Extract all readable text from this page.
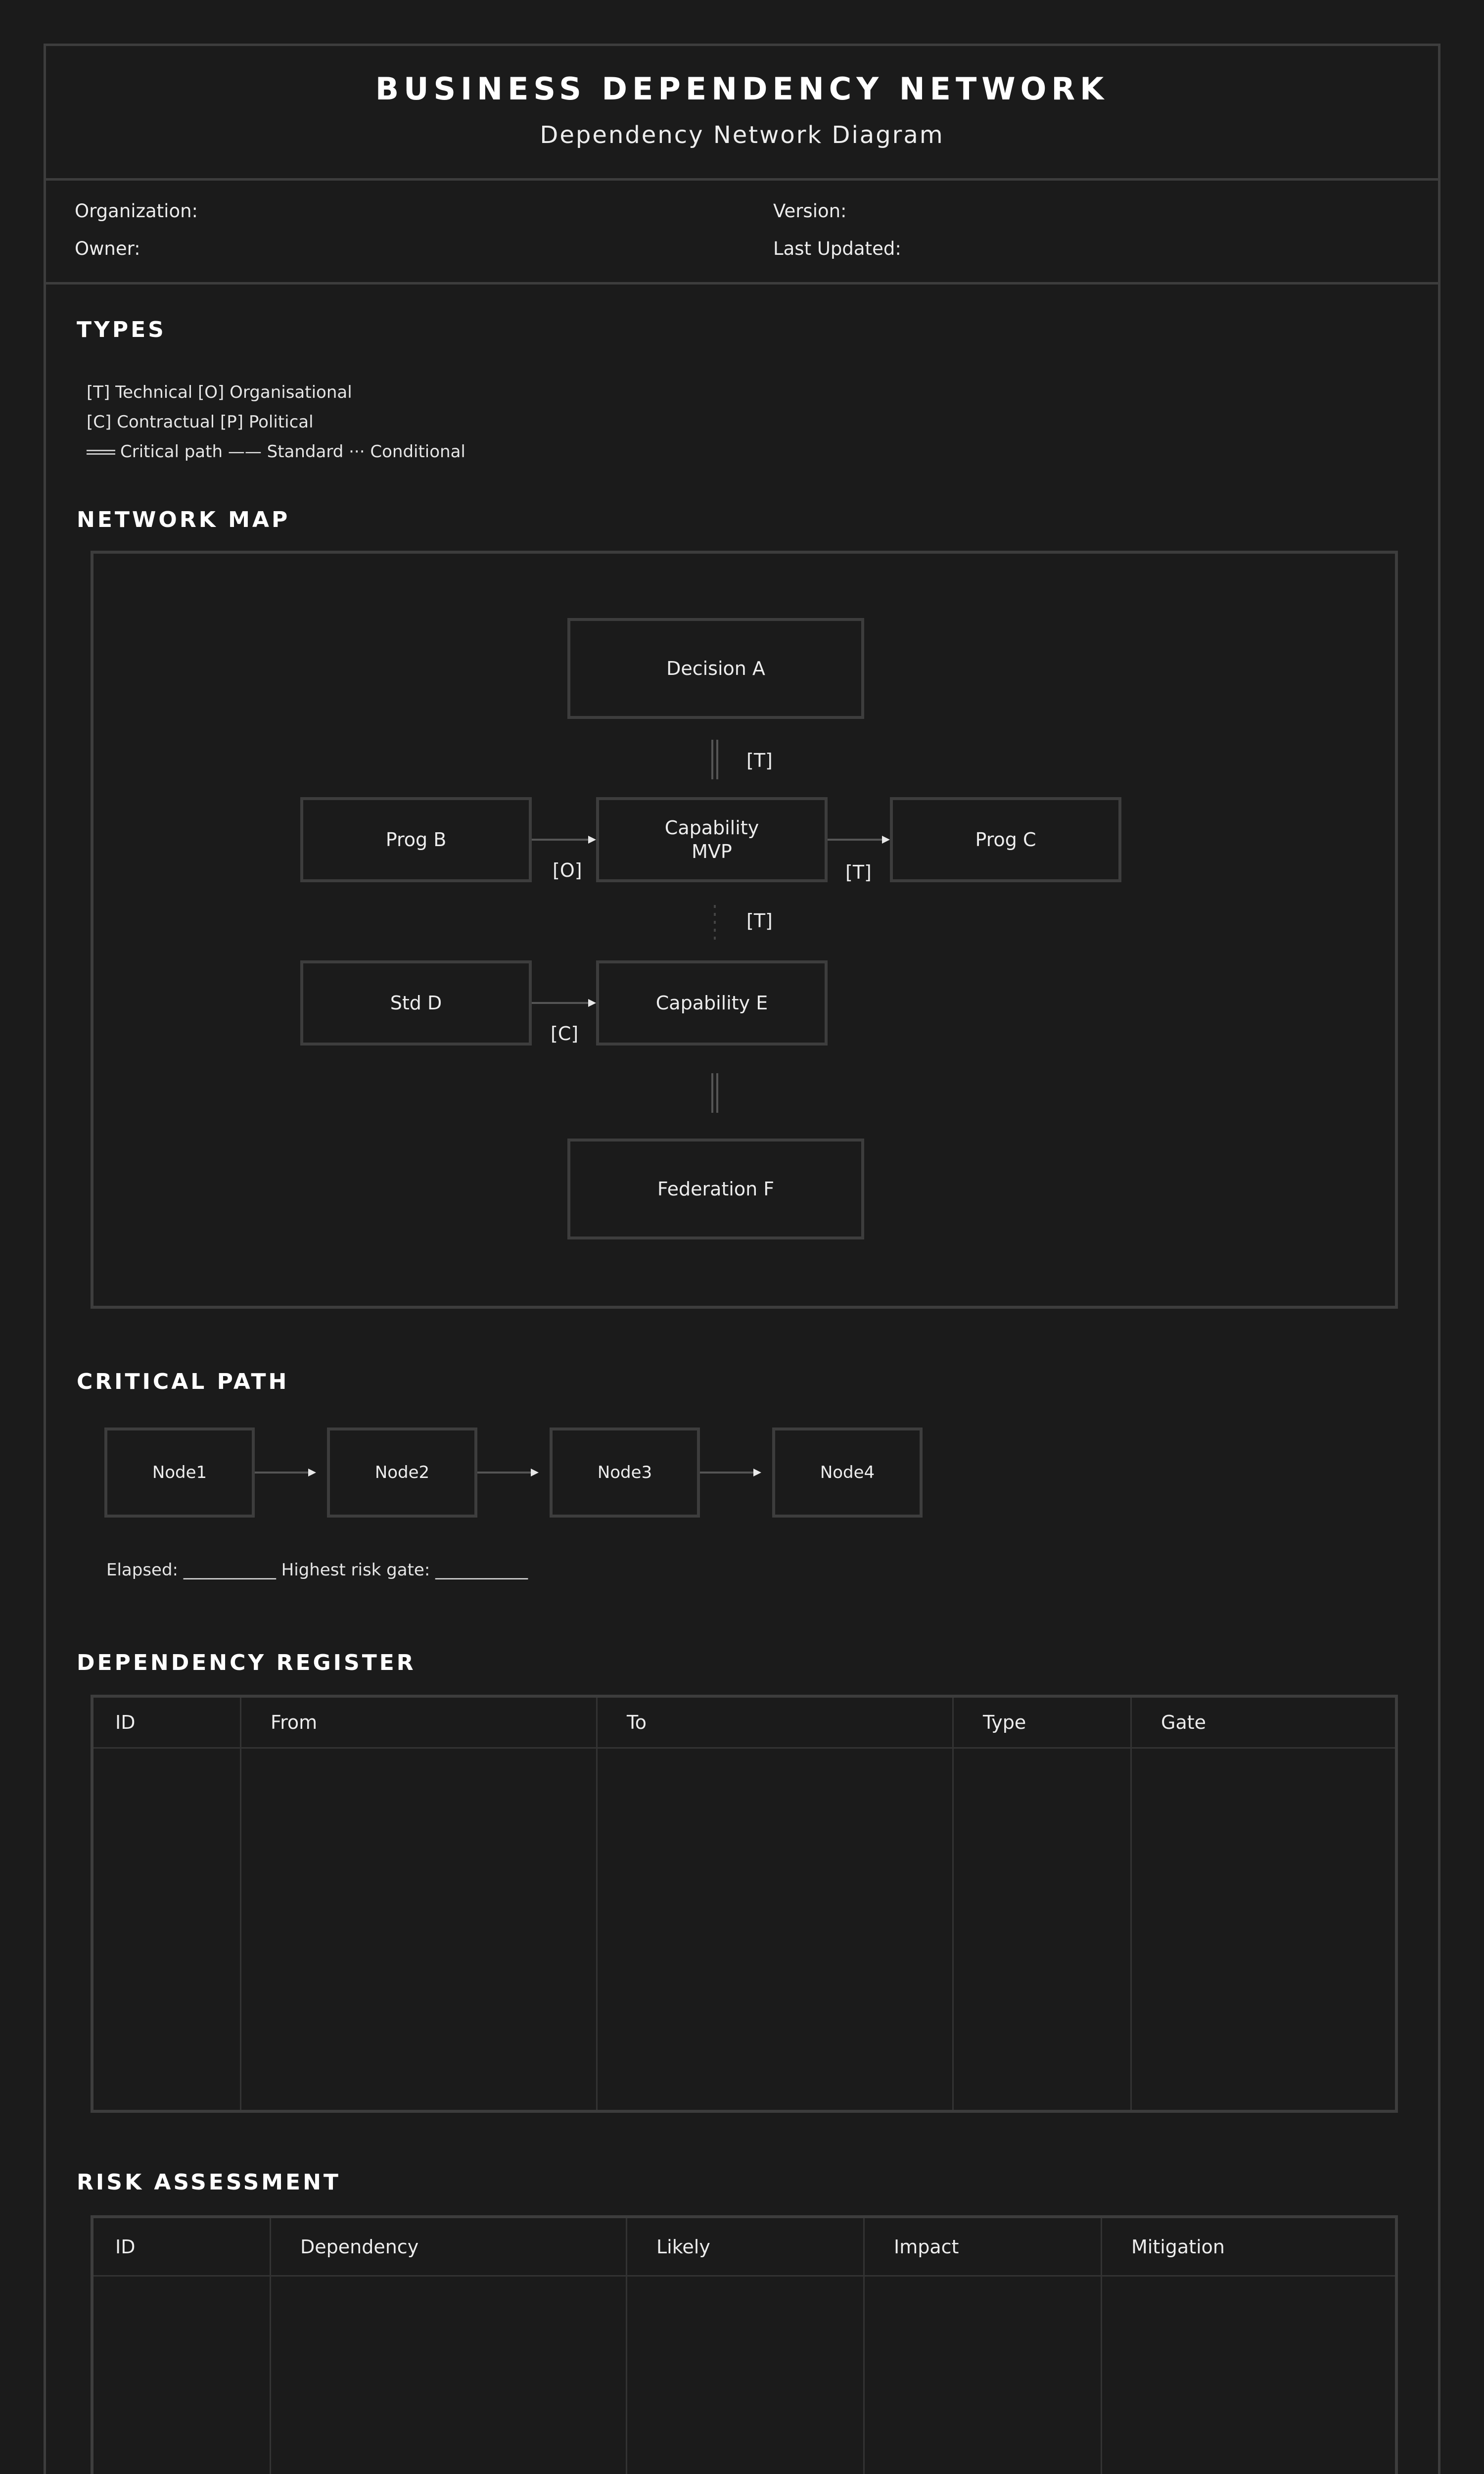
BUSINESS DEPENDENCY NETWORK
Dependency Network Diagram
Organization:	Version:
Owner:	Last Updated:
TYPES
[T] Technical [O] Organisational
[C] Contractual [P] Political
Critical path —— Standard ··· Conditional
NETWORK MAP
Decision A
Prog B
Capability
MVP
Prog C
Std D	Capability E
Federation F
[T]
[O]	[T]
[T]
[C]
CRITICAL PATH
Node1	Node2	Node3	Node4
Elapsed: ___________ Highest risk gate: ___________
DEPENDENCY REGISTER
ID	From	To	Type	Gate
RISK ASSESSMENT
ID	Dependency	Likely	Impact	Mitigation
